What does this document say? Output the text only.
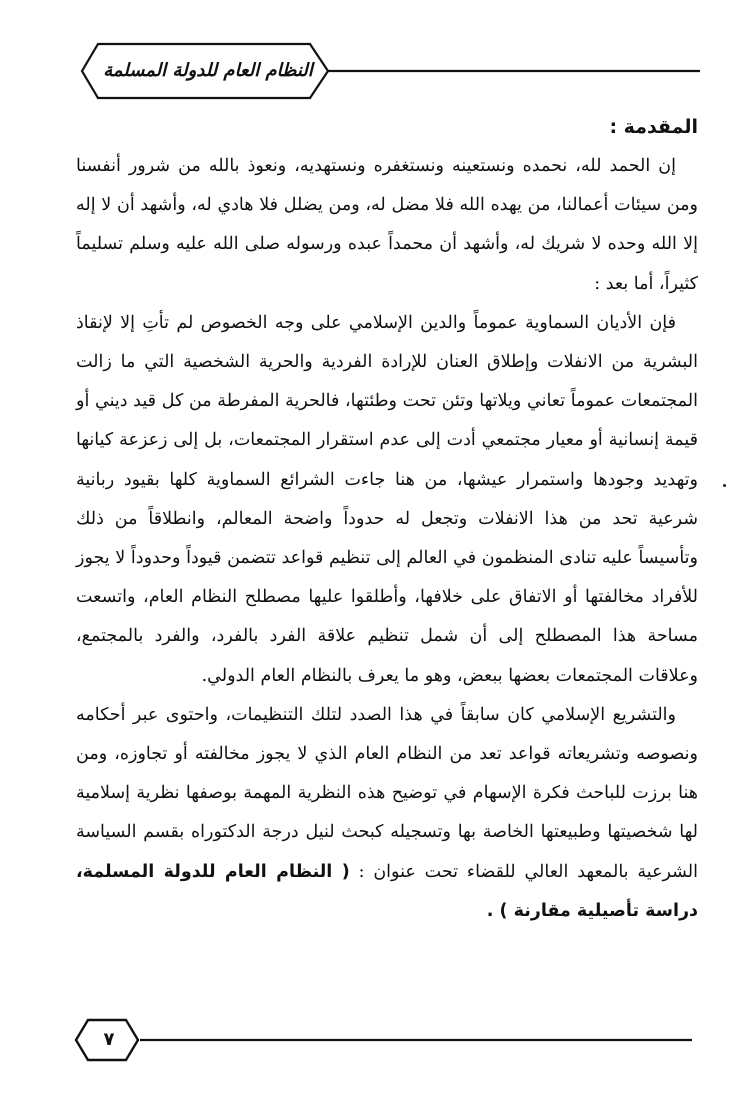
النظام العام للدولة المسلمة

المقدمة :

إن الحمد لله، نحمده ونستعينه ونستغفره ونستهديه، ونعوذ بالله من شرور أنفسنا ومن سيئات أعمالنا، من يهده الله فلا مضل له، ومن يضلل فلا هادي له، وأشهد أن لا إله إلا الله وحده لا شريك له، وأشهد أن محمداً عبده ورسوله صلى الله عليه وسلم تسليماً كثيراً، أما بعد :

فإن الأديان السماوية عموماً والدين الإسلامي على وجه الخصوص لم تأتِ إلا لإنقاذ البشرية من الانفلات وإطلاق العنان للإرادة الفردية والحرية الشخصية التي ما زالت المجتمعات عموماً تعاني ويلاتها وتئن تحت وطئتها، فالحرية المفرطة من كل قيد ديني أو قيمة إنسانية أو معيار مجتمعي أدت إلى عدم استقرار المجتمعات، بل إلى زعزعة كيانها وتهديد وجودها واستمرار عيشها، من هنا جاءت الشرائع السماوية كلها بقيود ربانية شرعية تحد من هذا الانفلات وتجعل له حدوداً واضحة المعالم، وانطلاقاً من ذلك وتأسيساً عليه تنادى المنظمون في العالم إلى تنظيم قواعد تتضمن قيوداً وحدوداً لا يجوز للأفراد مخالفتها أو الاتفاق على خلافها، وأطلقوا عليها مصطلح النظام العام، واتسعت مساحة هذا المصطلح إلى أن شمل تنظيم علاقة الفرد بالفرد، والفرد بالمجتمع، وعلاقات المجتمعات بعضها ببعض، وهو ما يعرف بالنظام العام الدولي.

والتشريع الإسلامي كان سابقاً في هذا الصدد لتلك التنظيمات، واحتوى عبر أحكامه ونصوصه وتشريعاته قواعد تعد من النظام العام الذي لا يجوز مخالفته أو تجاوزه، ومن هنا برزت للباحث فكرة الإسهام في توضيح هذه النظرية المهمة بوصفها نظرية إسلامية لها شخصيتها وطبيعتها الخاصة بها وتسجيله كبحث لنيل درجة الدكتوراه بقسم السياسة الشرعية بالمعهد العالي للقضاء تحت عنوان : ( النظام العام للدولة المسلمة، دراسة تأصيلية مقارنة ) .

٧
